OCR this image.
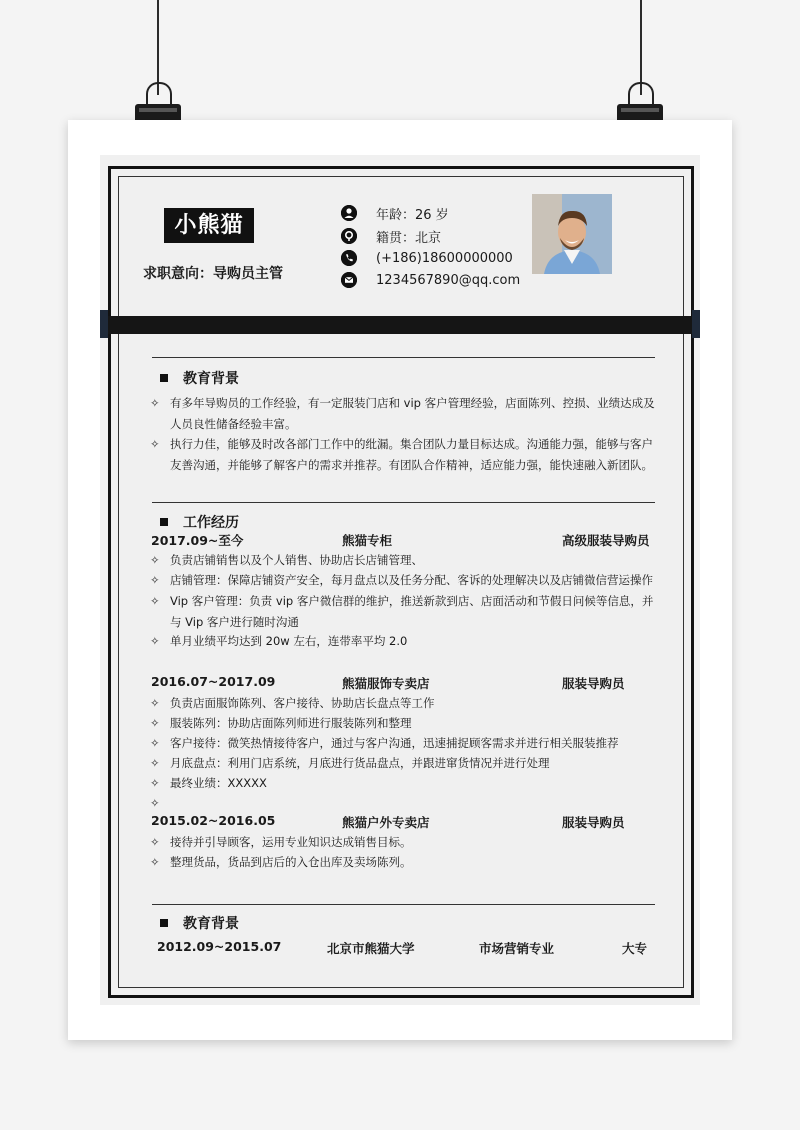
小熊猫
求职意向：导购员主管
年龄：26 岁
籍贯：北京
(+186)18600000000
1234567890@qq.com
教育背景
✧ 有多年导购员的工作经验，有一定服装门店和 vip 客户管理经验，店面陈列、控损、业绩达成及人员良性储备经验丰富。
✧ 执行力佳，能够及时改各部门工作中的纰漏。集合团队力量目标达成。沟通能力强，能够与客户友善沟通，并能够了解客户的需求并推荐。有团队合作精神，适应能力强，能快速融入新团队。
工作经历
2017.09~至今	熊猫专柜	高级服装导购员
✧ 负责店铺销售以及个人销售、协助店长店铺管理、
✧ 店铺管理：保障店铺资产安全，每月盘点以及任务分配、客诉的处理解决以及店铺微信营运操作
✧ Vip 客户管理：负责 vip 客户微信群的维护，推送新款到店、店面活动和节假日问候等信息，并与 Vip 客户进行随时沟通
✧ 单月业绩平均达到 20w 左右，连带率平均 2.0
2016.07~2017.09	熊猫服饰专卖店	服装导购员
✧ 负责店面服饰陈列、客户接待、协助店长盘点等工作
✧ 服装陈列：协助店面陈列师进行服装陈列和整理
✧ 客户接待：微笑热情接待客户，通过与客户沟通，迅速捕捉顾客需求并进行相关服装推荐
✧ 月底盘点：利用门店系统，月底进行货品盘点，并跟进窜货情况并进行处理
✧ 最终业绩：XXXXX
✧
2015.02~2016.05	熊猫户外专卖店	服装导购员
✧ 接待并引导顾客，运用专业知识达成销售目标。
✧ 整理货品，货品到店后的入仓出库及卖场陈列。
教育背景
2012.09~2015.07	北京市熊猫大学	市场营销专业	大专
